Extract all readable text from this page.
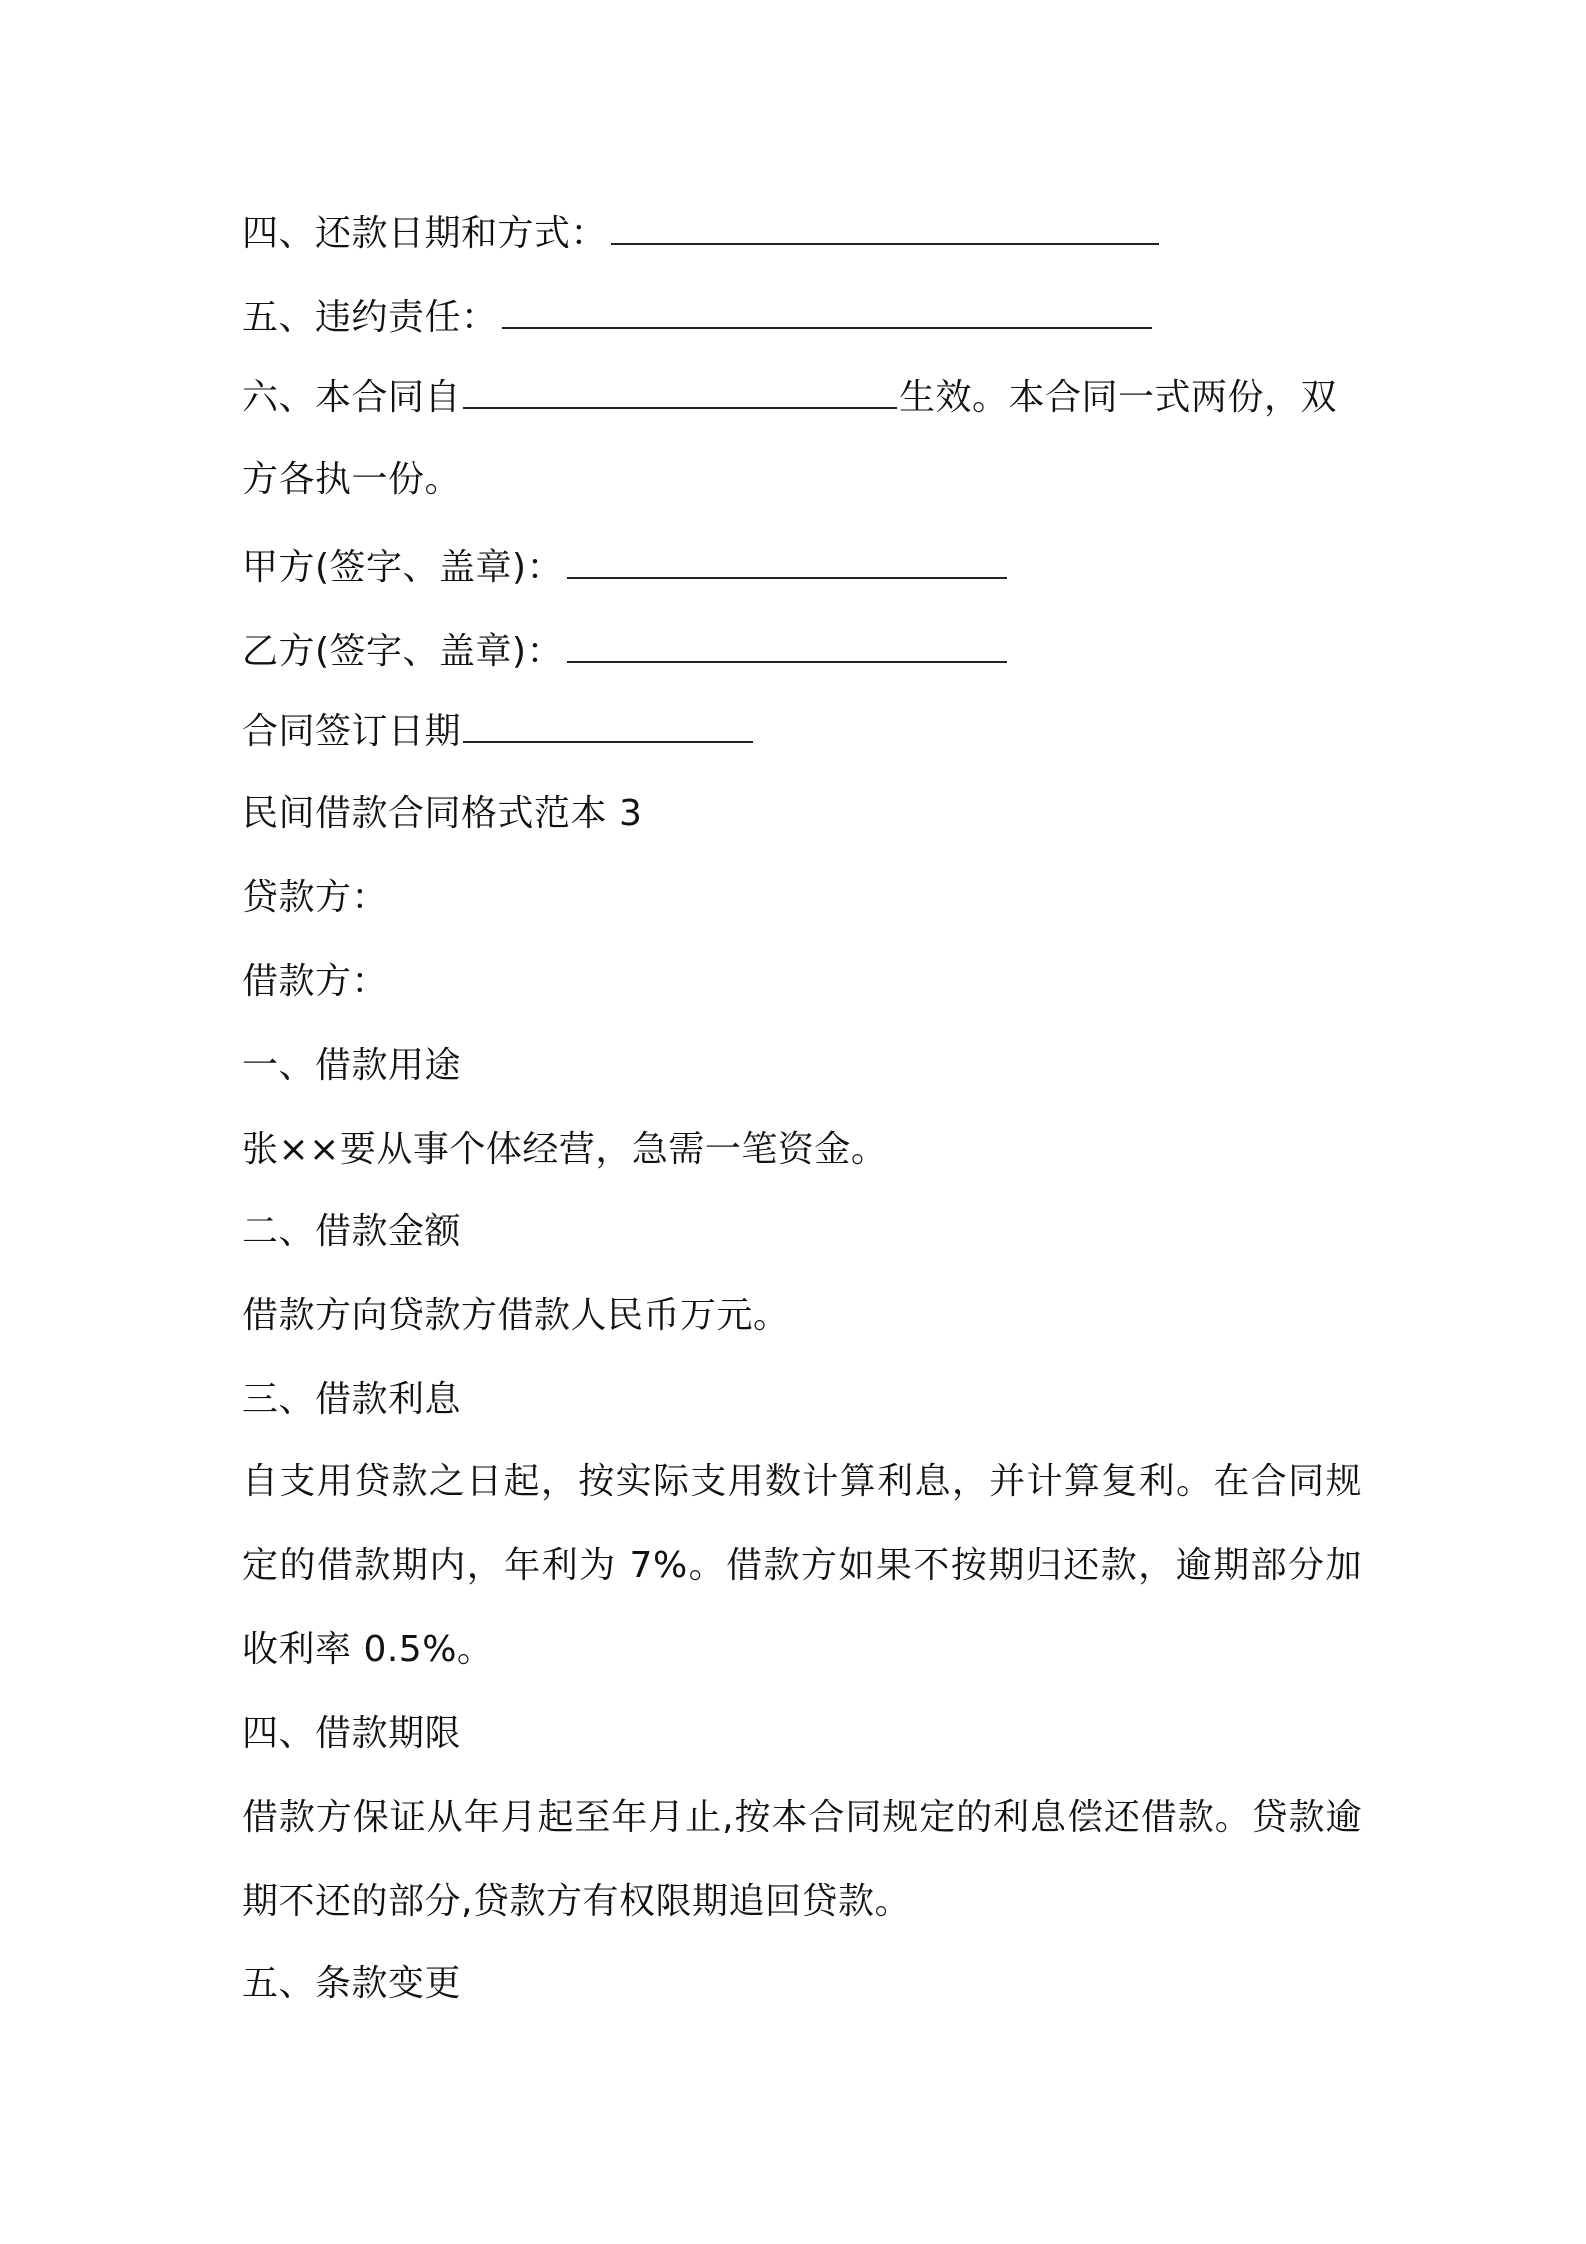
四、还款日期和方式：
五、违约责任：
六、本合同自	生效。本合同一式两份，双
方各执一份。
甲方(签字、盖章)：
乙方(签字、盖章)：
合同签订日期
民间借款合同格式范本 3
贷款方：
借款方：
一、借款用途
张××要从事个体经营，急需一笔资金。
二、借款金额
借款方向贷款方借款人民币万元。
三、借款利息
自支用贷款之日起，按实际支用数计算利息，并计算复利。在合同规定的借款期内，年利为 7%。借款方如果不按期归还款，逾期部分加收利率 0.5%。
四、借款期限
借款方保证从年月起至年月止,按本合同规定的利息偿还借款。贷款逾期不还的部分,贷款方有权限期追回贷款。
五、条款变更
